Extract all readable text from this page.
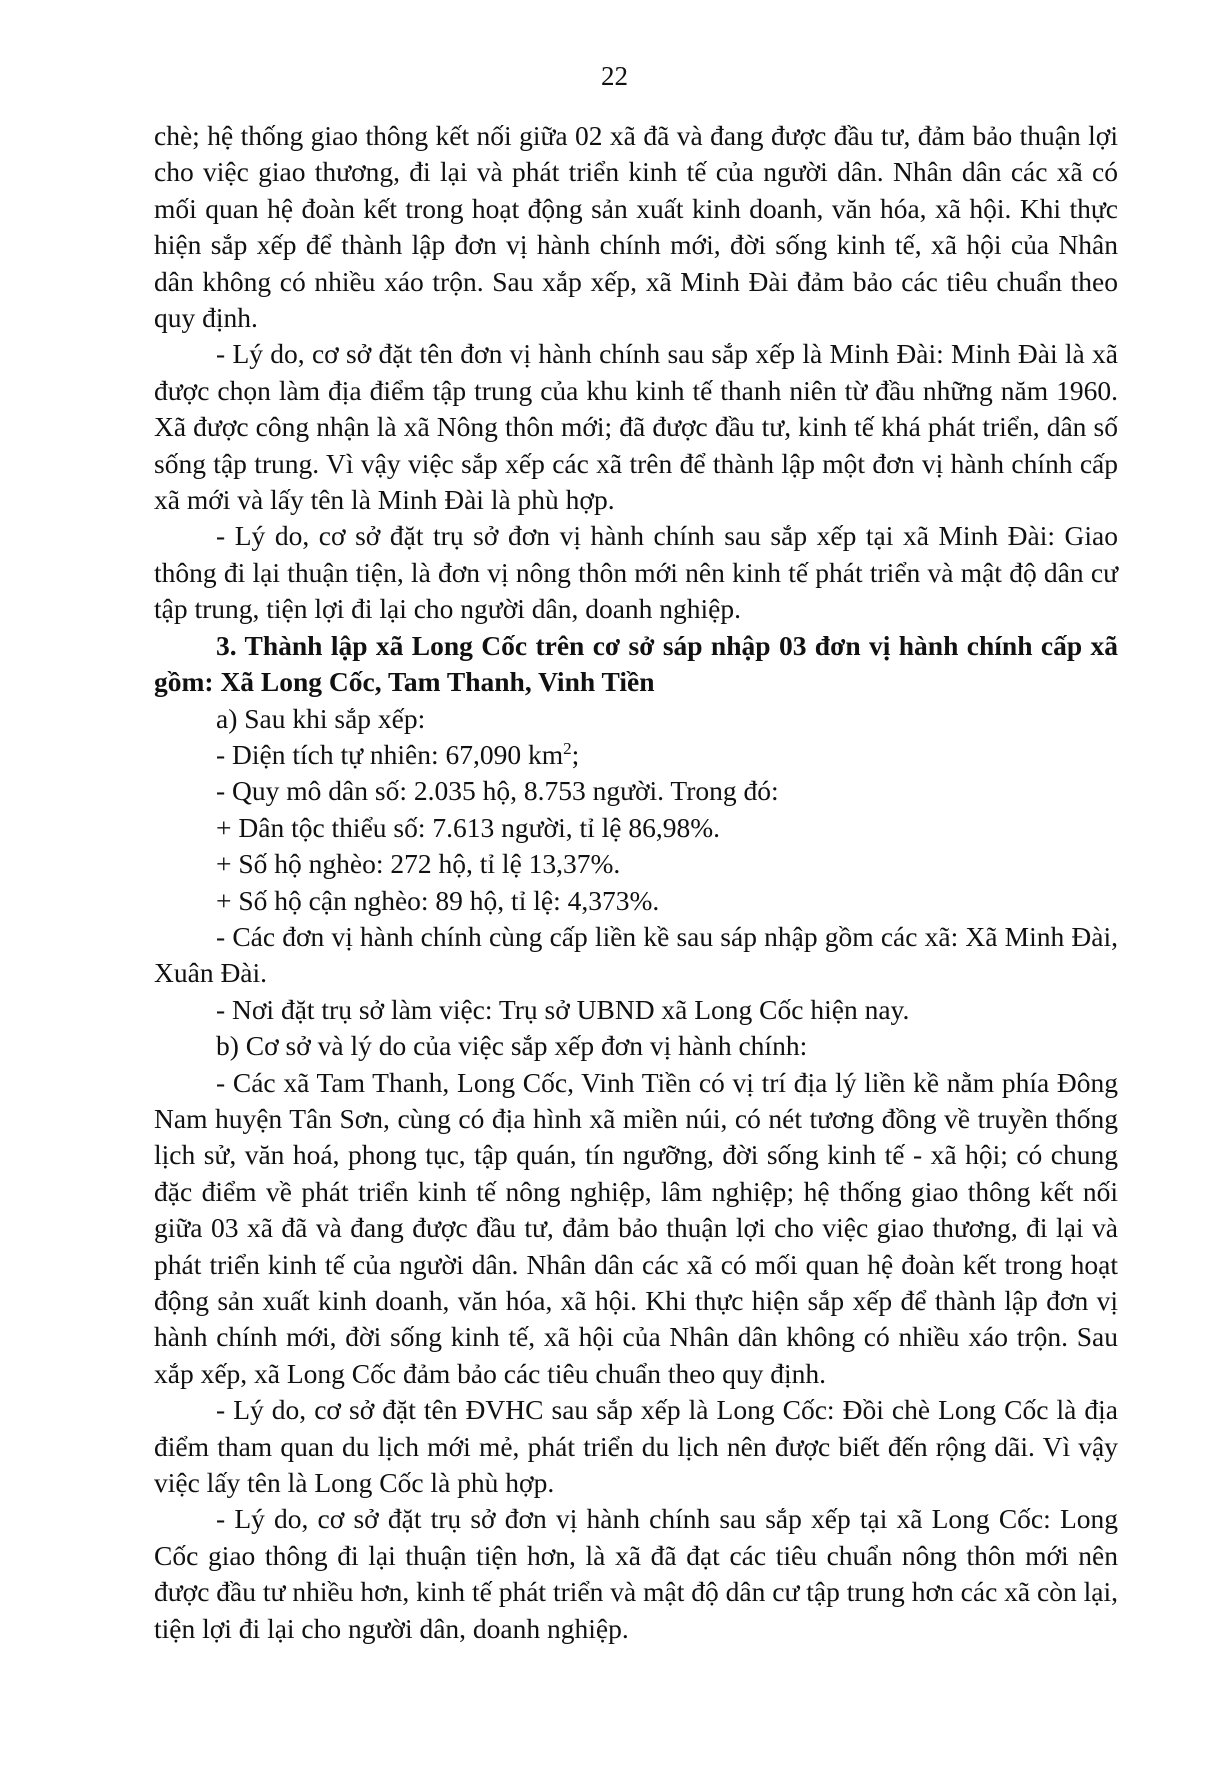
22

chè; hệ thống giao thông kết nối giữa 02 xã đã và đang được đầu tư, đảm bảo thuận lợi cho việc giao thương, đi lại và phát triển kinh tế của người dân. Nhân dân các xã có mối quan hệ đoàn kết trong hoạt động sản xuất kinh doanh, văn hóa, xã hội. Khi thực hiện sắp xếp để thành lập đơn vị hành chính mới, đời sống kinh tế, xã hội của Nhân dân không có nhiều xáo trộn. Sau xắp xếp, xã Minh Đài đảm bảo các tiêu chuẩn theo quy định.

- Lý do, cơ sở đặt tên đơn vị hành chính sau sắp xếp là Minh Đài: Minh Đài là xã được chọn làm địa điểm tập trung của khu kinh tế thanh niên từ đầu những năm 1960. Xã được công nhận là xã Nông thôn mới; đã được đầu tư, kinh tế khá phát triển, dân số sống tập trung. Vì vậy việc sắp xếp các xã trên để thành lập một đơn vị hành chính cấp xã mới và lấy tên là Minh Đài là phù hợp.

- Lý do, cơ sở đặt trụ sở đơn vị hành chính sau sắp xếp tại xã Minh Đài: Giao thông đi lại thuận tiện, là đơn vị nông thôn mới nên kinh tế phát triển và mật độ dân cư tập trung, tiện lợi đi lại cho người dân, doanh nghiệp.

3. Thành lập xã Long Cốc trên cơ sở sáp nhập 03 đơn vị hành chính cấp xã gồm: Xã Long Cốc, Tam Thanh, Vinh Tiền

a) Sau khi sắp xếp:

- Diện tích tự nhiên: 67,090 $km^2$;

- Quy mô dân số: 2.035 hộ, 8.753 người. Trong đó:

+ Dân tộc thiểu số: 7.613 người, tỉ lệ 86,98%.

+ Số hộ nghèo: 272 hộ, tỉ lệ 13,37%.

+ Số hộ cận nghèo: 89 hộ, tỉ lệ: 4,373%.

- Các đơn vị hành chính cùng cấp liền kề sau sáp nhập gồm các xã: Xã Minh Đài, Xuân Đài.

- Nơi đặt trụ sở làm việc: Trụ sở UBND xã Long Cốc hiện nay.

b) Cơ sở và lý do của việc sắp xếp đơn vị hành chính:

- Các xã Tam Thanh, Long Cốc, Vinh Tiền có vị trí địa lý liền kề nằm phía Đông Nam huyện Tân Sơn, cùng có địa hình xã miền núi, có nét tương đồng về truyền thống lịch sử, văn hoá, phong tục, tập quán, tín ngưỡng, đời sống kinh tế - xã hội; có chung đặc điểm về phát triển kinh tế nông nghiệp, lâm nghiệp; hệ thống giao thông kết nối giữa 03 xã đã và đang được đầu tư, đảm bảo thuận lợi cho việc giao thương, đi lại và phát triển kinh tế của người dân. Nhân dân các xã có mối quan hệ đoàn kết trong hoạt động sản xuất kinh doanh, văn hóa, xã hội. Khi thực hiện sắp xếp để thành lập đơn vị hành chính mới, đời sống kinh tế, xã hội của Nhân dân không có nhiều xáo trộn. Sau xắp xếp, xã Long Cốc đảm bảo các tiêu chuẩn theo quy định.

- Lý do, cơ sở đặt tên ĐVHC sau sắp xếp là Long Cốc: Đồi chè Long Cốc là địa điểm tham quan du lịch mới mẻ, phát triển du lịch nên được biết đến rộng dãi. Vì vậy việc lấy tên là Long Cốc là phù hợp.

- Lý do, cơ sở đặt trụ sở đơn vị hành chính sau sắp xếp tại xã Long Cốc: Long Cốc giao thông đi lại thuận tiện hơn, là xã đã đạt các tiêu chuẩn nông thôn mới nên được đầu tư nhiều hơn, kinh tế phát triển và mật độ dân cư tập trung hơn các xã còn lại, tiện lợi đi lại cho người dân, doanh nghiệp.
